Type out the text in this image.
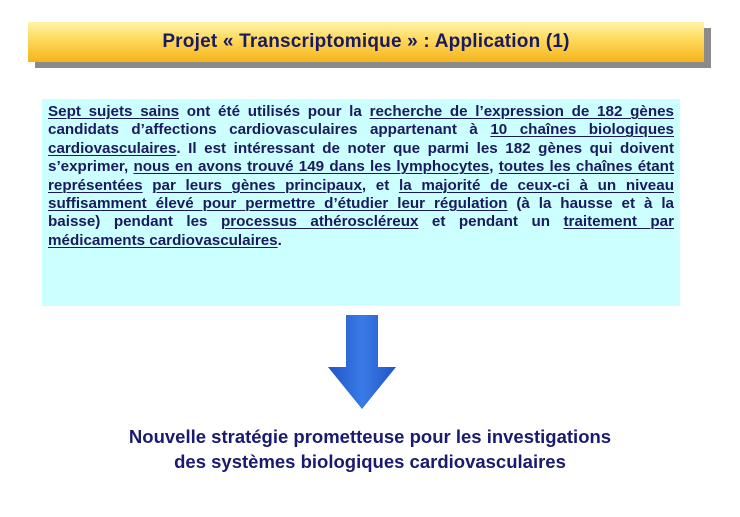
Projet « Transcriptomique » : Application (1)

Sept sujets sains ont été utilisés pour la recherche de l’expression de 182 gènes candidats d’affections cardiovasculaires appartenant à 10 chaînes biologiques cardiovasculaires. Il est intéressant de noter que parmi les 182 gènes qui doivent s’exprimer, nous en avons trouvé 149 dans les lymphocytes, toutes les chaînes étant représentées par leurs gènes principaux, et la majorité de ceux-ci à un niveau suffisamment élevé pour permettre d’étudier leur régulation (à la hausse et à la baisse) pendant les processus athéroscléreux et pendant un traitement par médicaments cardiovasculaires.

Nouvelle stratégie prometteuse pour les investigations
des systèmes biologiques cardiovasculaires
